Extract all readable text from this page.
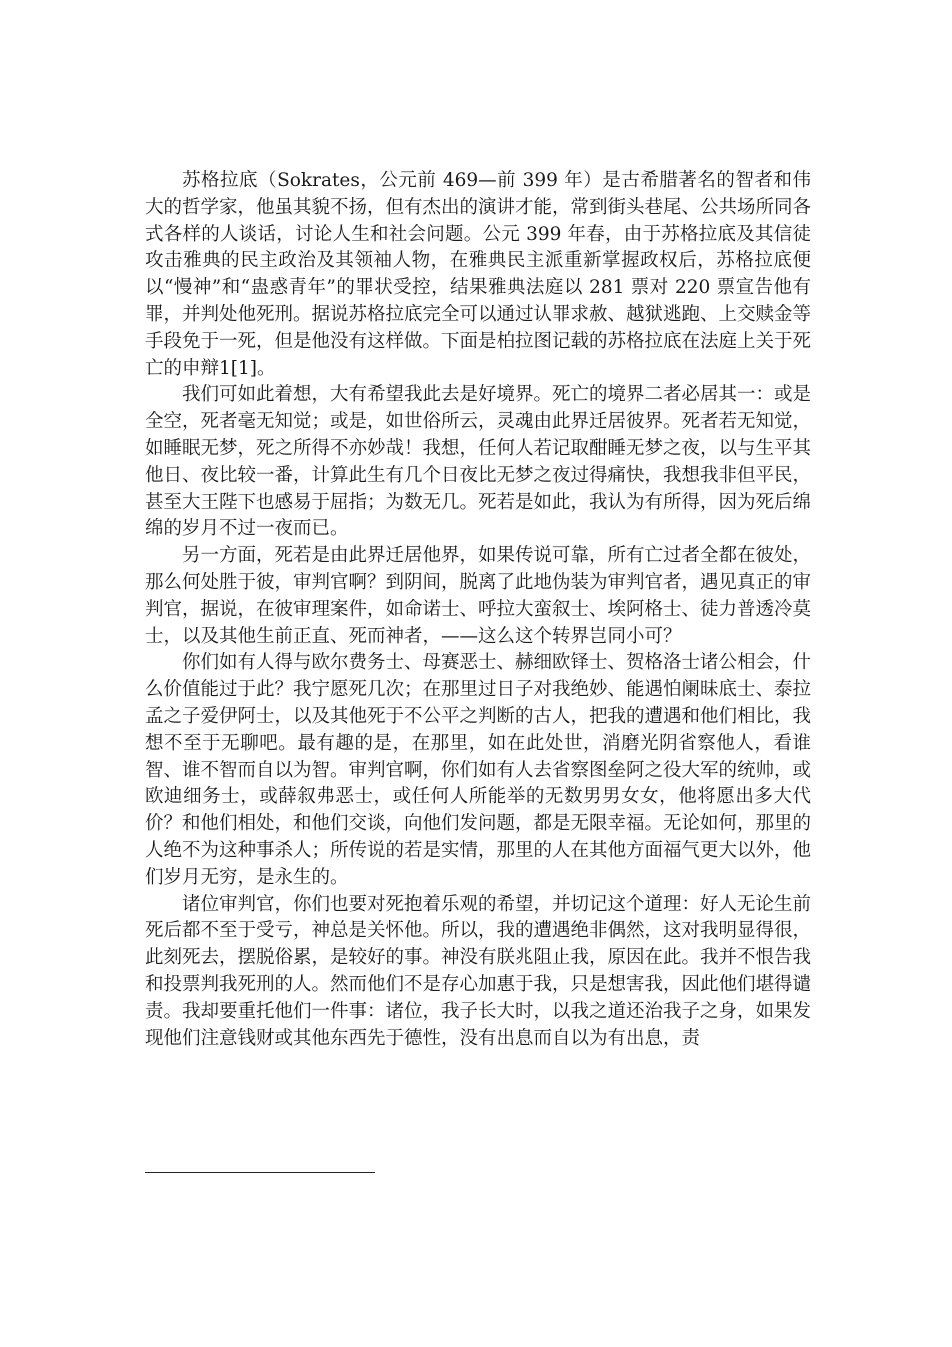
苏格拉底（Sokrates，公元前 469—前 399 年）是古希腊著名的智者和伟大的哲学家，他虽其貌不扬，但有杰出的演讲才能，常到街头巷尾、公共场所同各式各样的人谈话，讨论人生和社会问题。公元 399 年春，由于苏格拉底及其信徒攻击雅典的民主政治及其领袖人物，在雅典民主派重新掌握政权后，苏格拉底便以“慢神”和“蛊惑青年”的罪状受控，结果雅典法庭以 281 票对 220 票宣告他有罪，并判处他死刑。据说苏格拉底完全可以通过认罪求赦、越狱逃跑、上交赎金等手段免于一死，但是他没有这样做。下面是柏拉图记载的苏格拉底在法庭上关于死亡的申辩1[1]。

我们可如此着想，大有希望我此去是好境界。死亡的境界二者必居其一：或是全空，死者毫无知觉；或是，如世俗所云，灵魂由此界迁居彼界。死者若无知觉，如睡眠无梦，死之所得不亦妙哉！我想，任何人若记取酣睡无梦之夜，以与生平其他日、夜比较一番，计算此生有几个日夜比无梦之夜过得痛快，我想我非但平民，甚至大王陛下也感易于屈指；为数无几。死若是如此，我认为有所得，因为死后绵绵的岁月不过一夜而已。

另一方面，死若是由此界迁居他界，如果传说可靠，所有亡过者全都在彼处，那么何处胜于彼，审判官啊？到阴间，脱离了此地伪装为审判官者，遇见真正的审判官，据说，在彼审理案件，如命诺士、呼拉大蛮叙士、埃阿格士、徒力普透冷莫士，以及其他生前正直、死而神者，——这么这个转界岂同小可？

你们如有人得与欧尔费务士、母赛恶士、赫细欧铎士、贺格洛士诸公相会，什么价值能过于此？我宁愿死几次；在那里过日子对我绝妙、能遇怕阑昧底士、泰拉孟之子爱伊阿士，以及其他死于不公平之判断的古人，把我的遭遇和他们相比，我想不至于无聊吧。最有趣的是，在那里，如在此处世，消磨光阴省察他人，看谁智、谁不智而自以为智。审判官啊，你们如有人去省察图垒阿之役大军的统帅，或欧迪细务士，或薛叙弗恶士，或任何人所能举的无数男男女女，他将愿出多大代价？和他们相处，和他们交谈，向他们发问题，都是无限幸福。无论如何，那里的人绝不为这种事杀人；所传说的若是实情，那里的人在其他方面福气更大以外，他们岁月无穷，是永生的。

诸位审判官，你们也要对死抱着乐观的希望，并切记这个道理：好人无论生前死后都不至于受亏，神总是关怀他。所以，我的遭遇绝非偶然，这对我明显得很，此刻死去，摆脱俗累，是较好的事。神没有朕兆阻止我，原因在此。我并不恨告我和投票判我死刑的人。然而他们不是存心加惠于我，只是想害我，因此他们堪得谴责。我却要重托他们一件事：诸位，我子长大时，以我之道还治我子之身，如果发现他们注意钱财或其他东西先于德性，没有出息而自以为有出息，责
